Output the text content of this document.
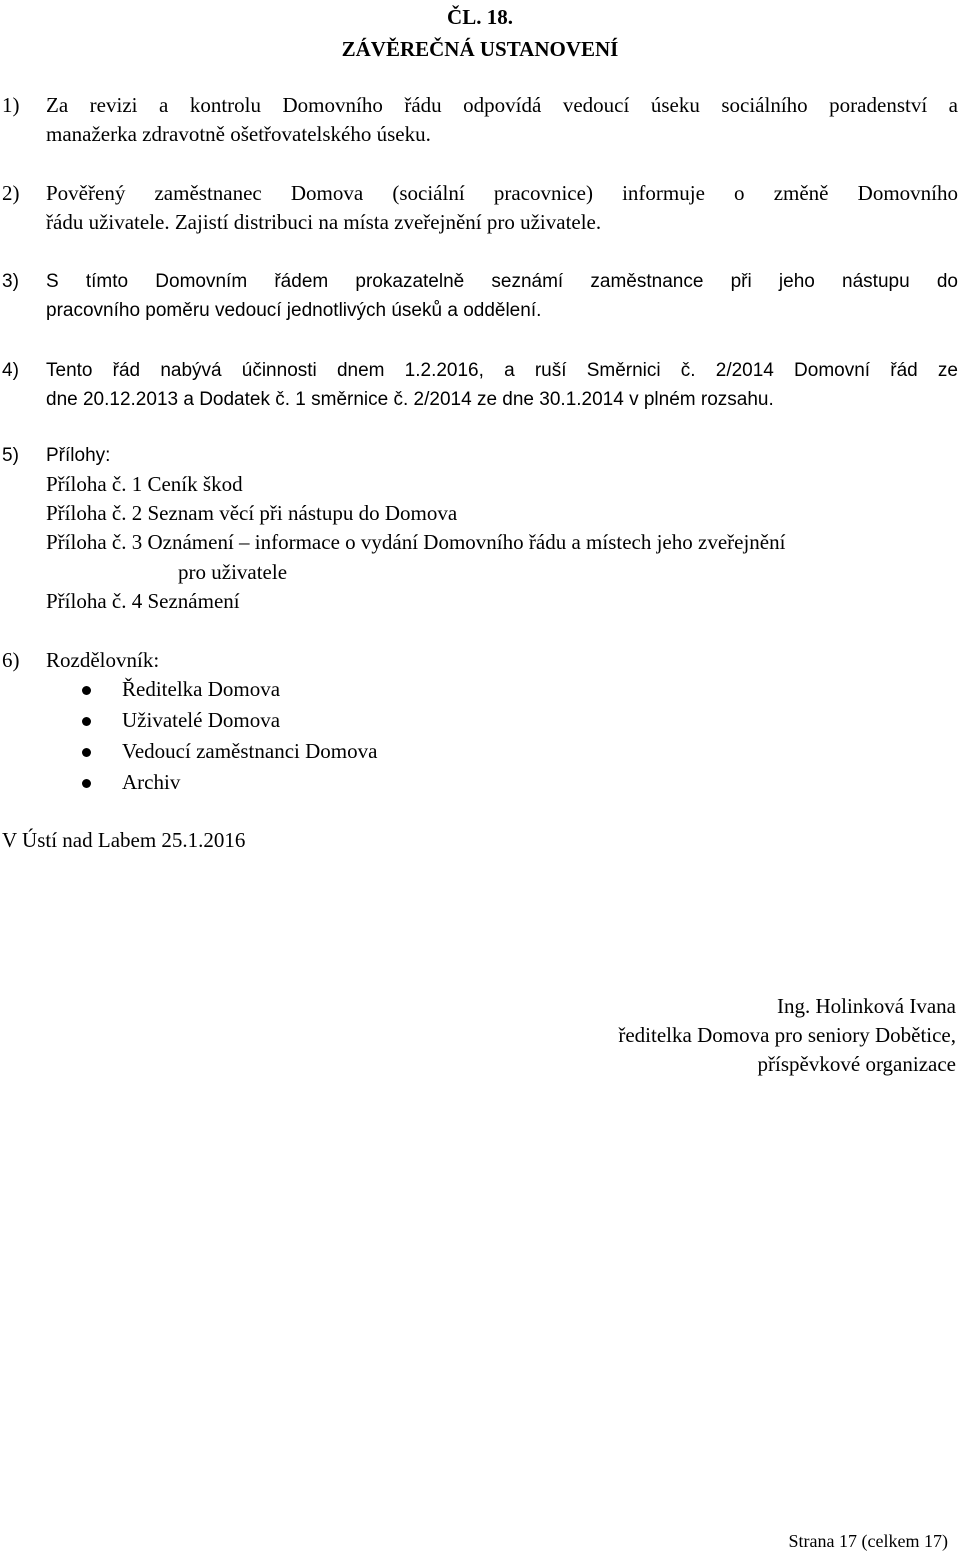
ČL. 18.
ZÁVĚREČNÁ USTANOVENÍ
1) Za revizi a kontrolu Domovního řádu odpovídá vedoucí úseku sociálního poradenství a
manažerka zdravotně ošetřovatelského úseku.
2) Pověřený zaměstnanec Domova (sociální pracovnice) informuje o změně Domovního
řádu uživatele. Zajistí distribuci na místa zveřejnění pro uživatele.
3) S tímto Domovním řádem prokazatelně seznámí zaměstnance při jeho nástupu do
pracovního poměru vedoucí jednotlivých úseků a oddělení.
4) Tento řád nabývá účinnosti dnem 1.2.2016, a ruší Směrnici č. 2/2014 Domovní řád ze
dne 20.12.2013 a Dodatek č. 1 směrnice č. 2/2014 ze dne 30.1.2014 v plném rozsahu.
5) Přílohy:
Příloha č. 1 Ceník škod
Příloha č. 2 Seznam věcí při nástupu do Domova
Příloha č. 3 Oznámení – informace o vydání Domovního řádu a místech jeho zveřejnění
pro uživatele
Příloha č. 4 Seznámení
6) Rozdělovník:
Ředitelka Domova
Uživatelé Domova
Vedoucí zaměstnanci Domova
Archiv
V Ústí nad Labem 25.1.2016
Ing. Holinková Ivana
ředitelka Domova pro seniory Dobětice,
příspěvkové organizace
Strana 17 (celkem 17)
